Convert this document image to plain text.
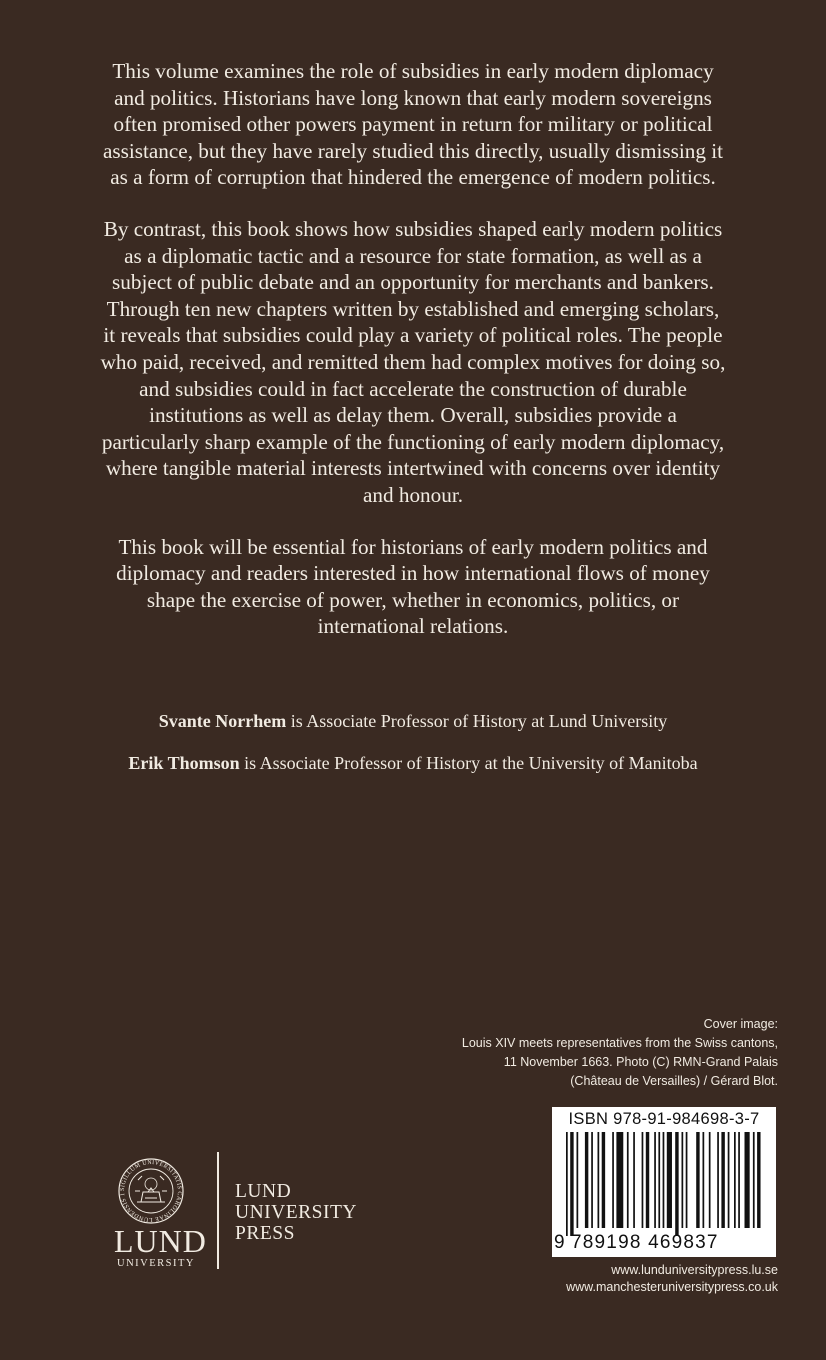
This volume examines the role of subsidies in early modern diplomacy and politics. Historians have long known that early modern sovereigns often promised other powers payment in return for military or political assistance, but they have rarely studied this directly, usually dismissing it as a form of corruption that hindered the emergence of modern politics.

By contrast, this book shows how subsidies shaped early modern politics as a diplomatic tactic and a resource for state formation, as well as a subject of public debate and an opportunity for merchants and bankers. Through ten new chapters written by established and emerging scholars, it reveals that subsidies could play a variety of political roles. The people who paid, received, and remitted them had complex motives for doing so, and subsidies could in fact accelerate the construction of durable institutions as well as delay them. Overall, subsidies provide a particularly sharp example of the functioning of early modern diplomacy, where tangible material interests intertwined with concerns over identity and honour.

This book will be essential for historians of early modern politics and diplomacy and readers interested in how international flows of money shape the exercise of power, whether in economics, politics, or international relations.

Svante Norrhem is Associate Professor of History at Lund University
Erik Thomson is Associate Professor of History at the University of Manitoba
Cover image:
Louis XIV meets representatives from the Swiss cantons,
11 November 1663. Photo (C) RMN-Grand Palais
(Château de Versailles) / Gérard Blot.
ISBN 978-91-984698-3-7
9 789198 469837
www.lunduniversitypress.lu.se
www.manchesteruniversitypress.co.uk
SIGILLUM UNIVERSITATIS CAROLINAE LUNDENSIS 1
LUND
UNIVERSITY
LUND
UNIVERSITY
PRESS
